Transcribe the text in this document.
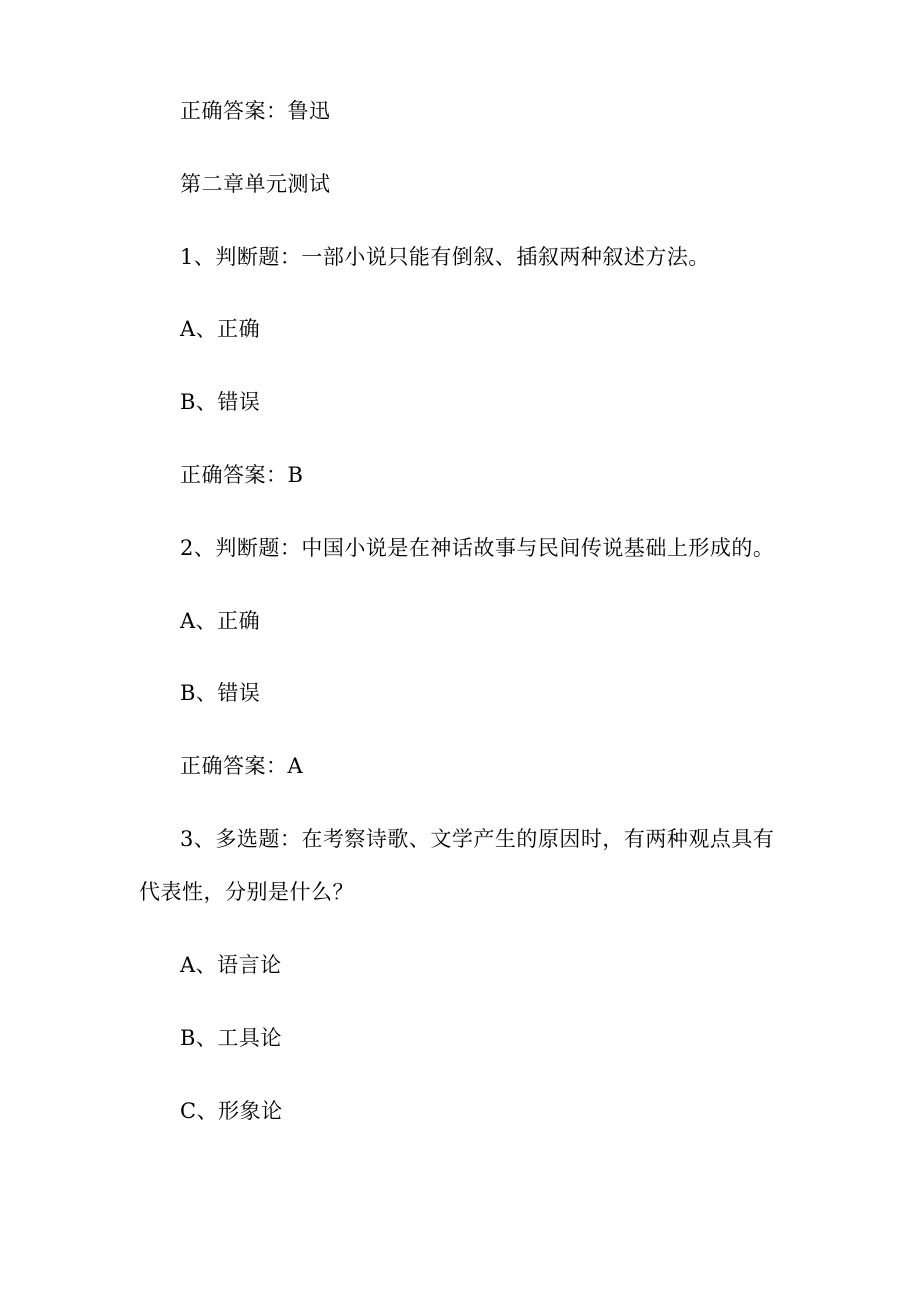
正确答案：鲁迅
第二章单元测试
1、判断题：一部小说只能有倒叙、插叙两种叙述方法。
A、正确
B、错误
正确答案：B
2、判断题：中国小说是在神话故事与民间传说基础上形成的。
A、正确
B、错误
正确答案：A
3、多选题：在考察诗歌、文学产生的原因时，有两种观点具有
代表性，分别是什么？
A、语言论
B、工具论
C、形象论
